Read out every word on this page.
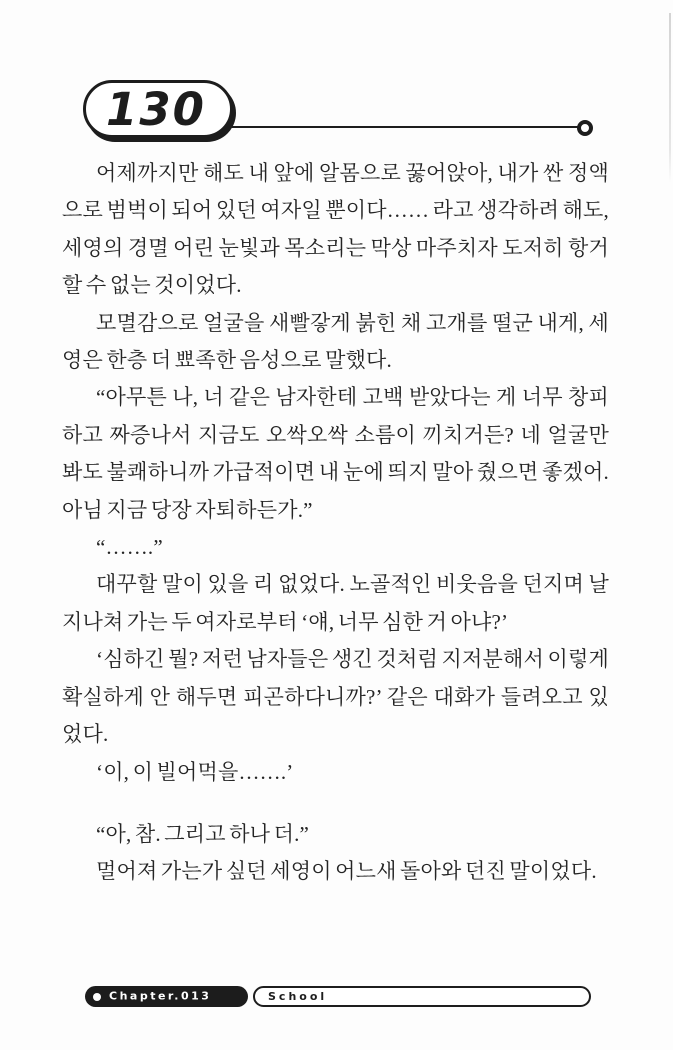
130

어제까지만 해도 내 앞에 알몸으로 꿇어앉아, 내가 싼 정액으로 범벅이 되어 있던 여자일 뿐이다…… 라고 생각하려 해도, 세영의 경멸 어린 눈빛과 목소리는 막상 마주치자 도저히 항거할 수 없는 것이었다.

모멸감으로 얼굴을 새빨갛게 붉힌 채 고개를 떨군 내게, 세영은 한층 더 뾰족한 음성으로 말했다.

“아무튼 나, 너 같은 남자한테 고백 받았다는 게 너무 창피하고 짜증나서 지금도 오싹오싹 소름이 끼치거든? 네 얼굴만 봐도 불쾌하니까 가급적이면 내 눈에 띄지 말아 줬으면 좋겠어. 아님 지금 당장 자퇴하든가.”

“…….”

대꾸할 말이 있을 리 없었다. 노골적인 비웃음을 던지며 날 지나쳐 가는 두 여자로부터 ‘얘, 너무 심한 거 아냐?’

‘심하긴 뭘? 저런 남자들은 생긴 것처럼 지저분해서 이렇게 확실하게 안 해두면 피곤하다니까?’ 같은 대화가 들려오고 있었다.

‘이, 이 빌어먹을…….’

“아, 참. 그리고 하나 더.”

멀어져 가는가 싶던 세영이 어느새 돌아와 던진 말이었다.

Chapter.013	School
